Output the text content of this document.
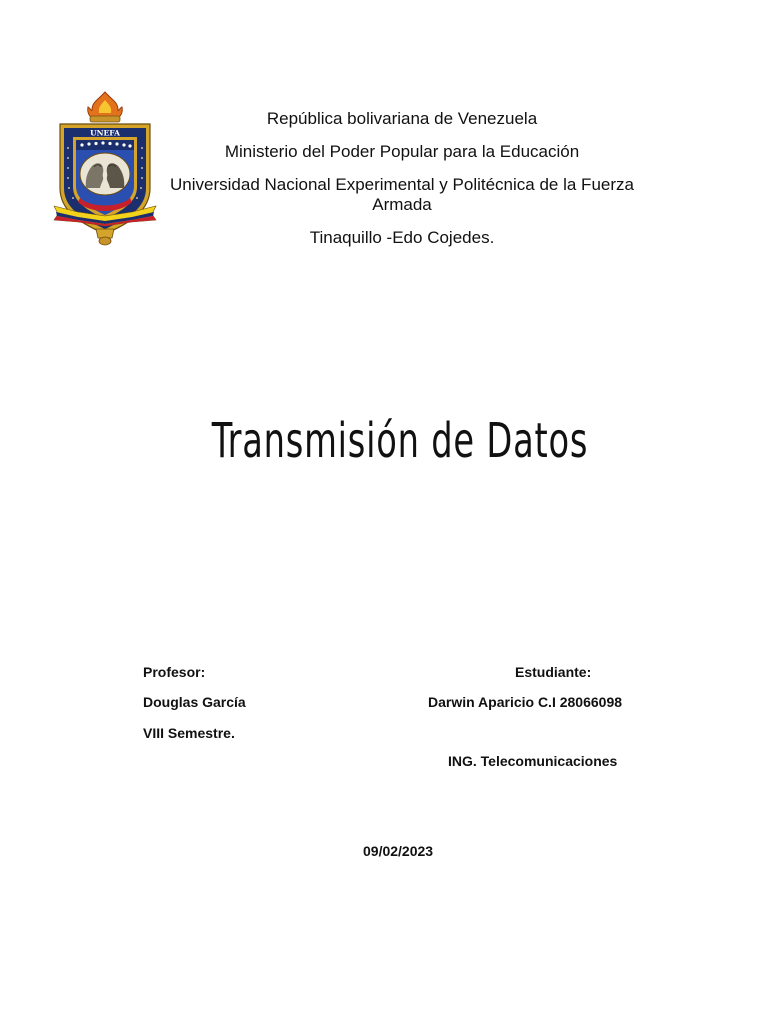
UNEFA
República bolivariana de Venezuela
Ministerio del Poder Popular para la Educación
Universidad Nacional Experimental y Politécnica de la Fuerza Armada
Tinaquillo -Edo Cojedes.
Transmisión de Datos
Profesor:
Douglas García
VIII Semestre.
Estudiante:
Darwin Aparicio C.I 28066098
ING. Telecomunicaciones
09/02/2023
